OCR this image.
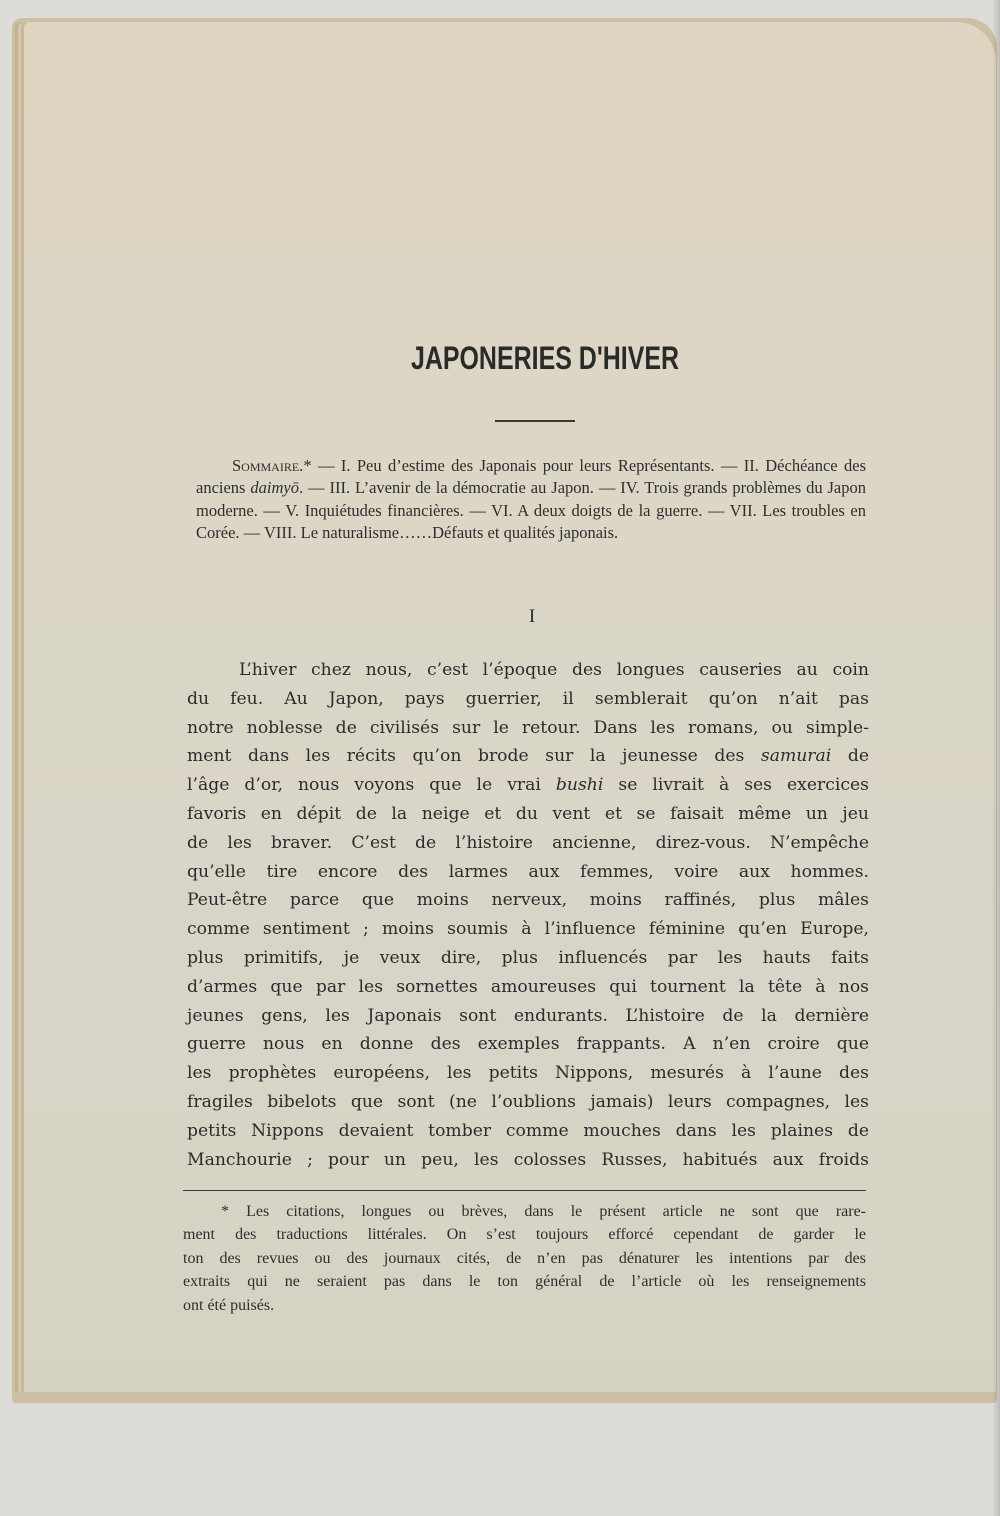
JAPONERIES D'HIVER

Sommaire.* — I. Peu d’estime des Japonais pour leurs Représentants. — II. Déchéance des anciens daimyō. — III. L’avenir de la démocratie au Japon. — IV. Trois grands problèmes du Japon moderne. — V. Inquiétudes financières. — VI. A deux doigts de la guerre. — VII. Les troubles en Corée. — VIII. Le naturalisme……Défauts et qualités japonais.

I
L’hiver chez nous, c’est l’époque des longues causeries au coin
du feu. Au Japon, pays guerrier, il semblerait qu’on n’ait pas
notre noblesse de civilisés sur le retour. Dans les romans, ou simple-
ment dans les récits qu’on brode sur la jeunesse des samurai de
l’âge d’or, nous voyons que le vrai bushi se livrait à ses exercices
favoris en dépit de la neige et du vent et se faisait même un jeu
de les braver. C’est de l’histoire ancienne, direz-vous. N’empêche
qu’elle tire encore des larmes aux femmes, voire aux hommes.
Peut-être parce que moins nerveux, moins raffinés, plus mâles
comme sentiment ; moins soumis à l’influence féminine qu’en Europe,
plus primitifs, je veux dire, plus influencés par les hauts faits
d’armes que par les sornettes amoureuses qui tournent la tête à nos
jeunes gens, les Japonais sont endurants. L’histoire de la dernière
guerre nous en donne des exemples frappants. A n’en croire que
les prophètes européens, les petits Nippons, mesurés à l’aune des
fragiles bibelots que sont (ne l’oublions jamais) leurs compagnes, les
petits Nippons devaient tomber comme mouches dans les plaines de
Manchourie ; pour un peu, les colosses Russes, habitués aux froids
* Les citations, longues ou brèves, dans le présent article ne sont que rare-
ment des traductions littérales. On s’est toujours efforcé cependant de garder le
ton des revues ou des journaux cités, de n’en pas dénaturer les intentions par des
extraits qui ne seraient pas dans le ton général de l’article où les renseignements
ont été puisés.
